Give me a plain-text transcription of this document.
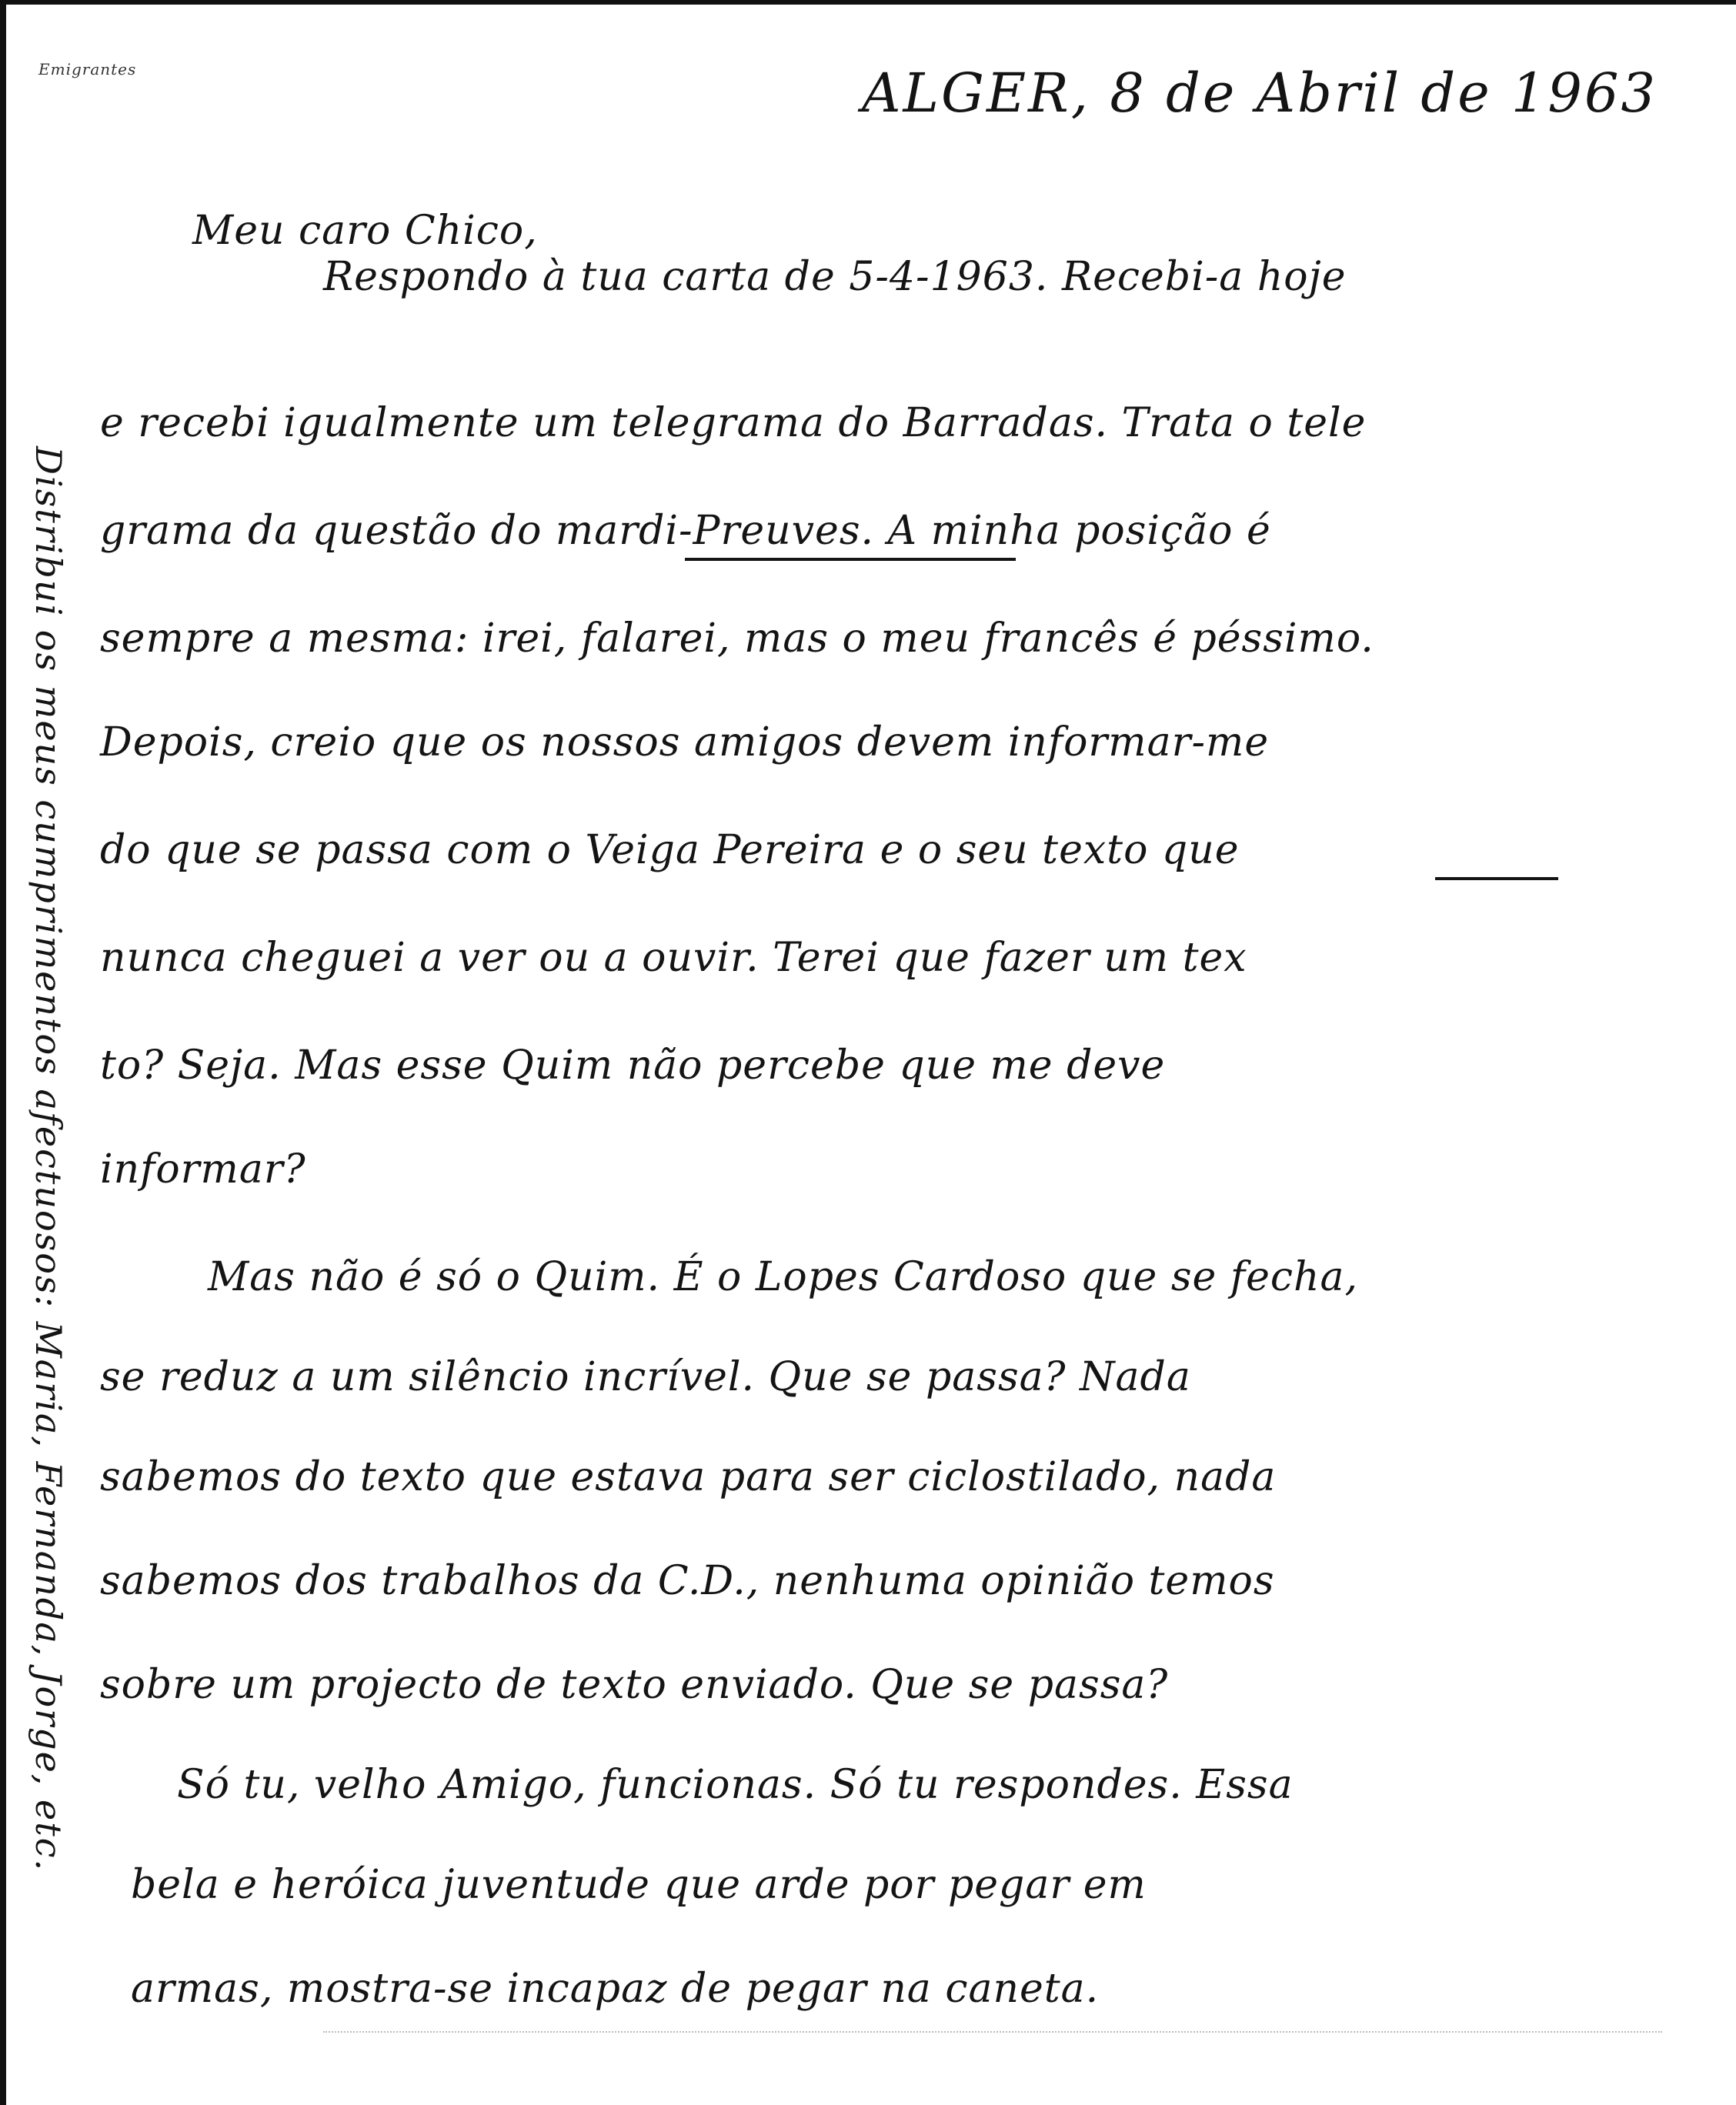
Emigrantes	ALGER, 8 de Abril de 1963
Meu caro Chico,
Respondo à tua carta de 5-4-1963. Recebi-a hoje
e recebi igualmente um telegrama do Barradas. Trata o tele
grama da questão do mardi-Preuves. A minha posição é
sempre a mesma: irei, falarei, mas o meu francês é péssimo.
Depois, creio que os nossos amigos devem informar-me
do que se passa com o Veiga Pereira e o seu texto que
nunca cheguei a ver ou a ouvir. Terei que fazer um tex
to? Seja. Mas esse Quim não percebe que me deve
informar?
Mas não é só o Quim. É o Lopes Cardoso que se fecha,
se reduz a um silêncio incrível. Que se passa? Nada
sabemos do texto que estava para ser ciclostilado, nada
sabemos dos trabalhos da C.D., nenhuma opinião temos
sobre um projecto de texto enviado. Que se passa?
Só tu, velho Amigo, funcionas. Só tu respondes. Essa
bela e heróica juventude que arde por pegar em
armas, mostra-se incapaz de pegar na caneta.
Distribui os meus cumprimentos afectuosos: Maria, Fernanda, Jorge, etc.
